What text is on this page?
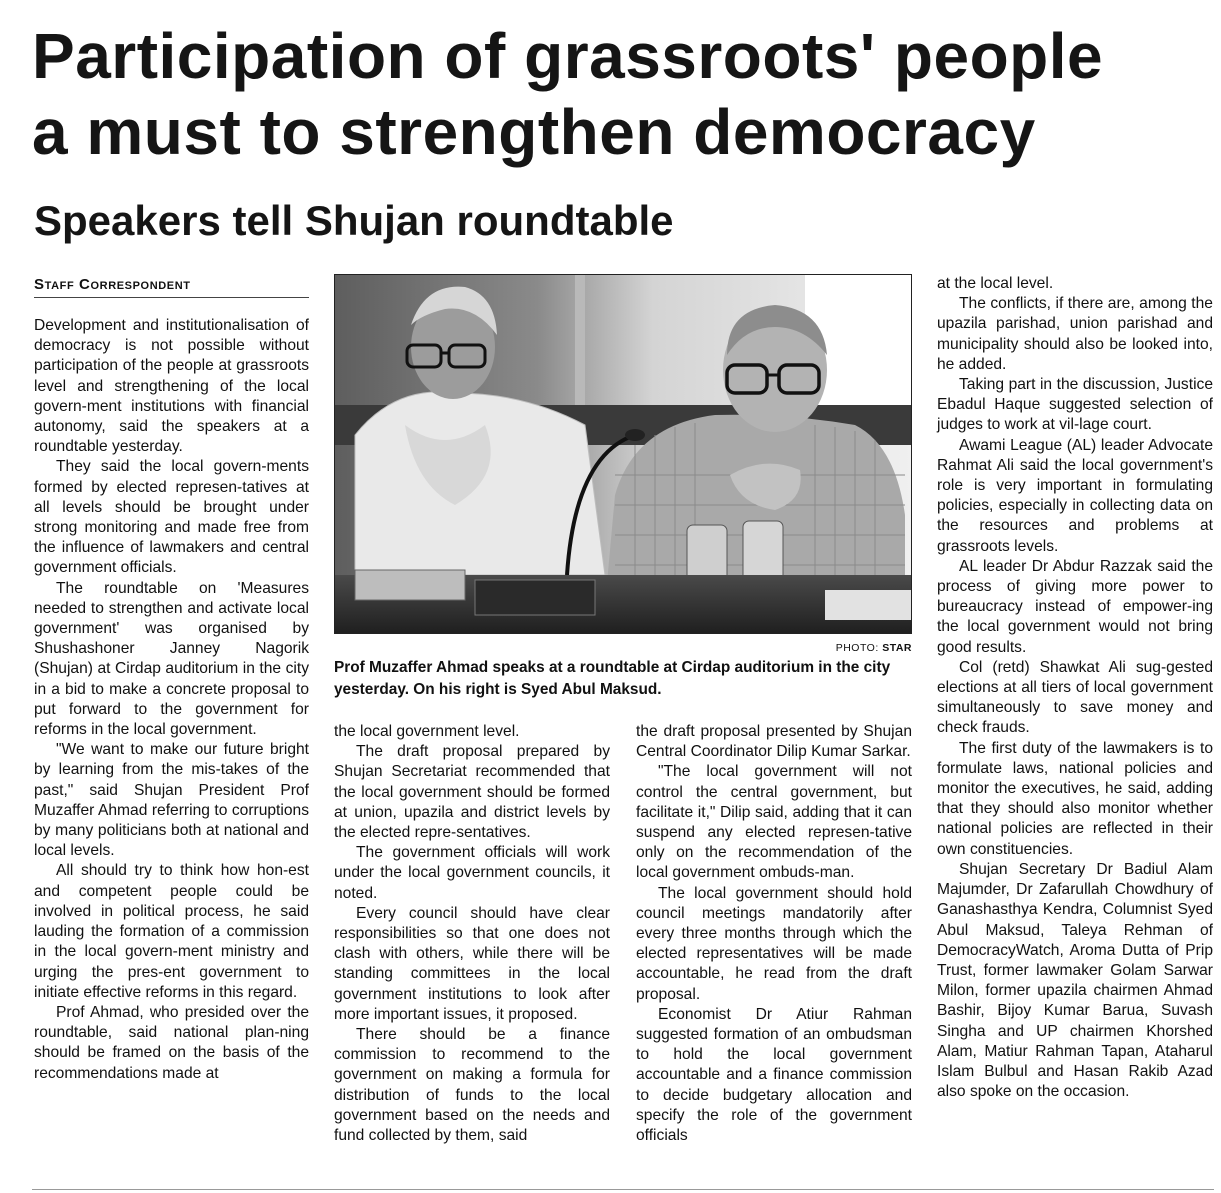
Participation of grassroots' people
a must to strengthen democracy
Speakers tell Shujan roundtable
Staff Correspondent

Development and institutionalisation of democracy is not possible without participation of the people at grassroots level and strengthening of the local govern-ment institutions with financial autonomy, said the speakers at a roundtable yesterday.

They said the local govern-ments formed by elected represen-tatives at all levels should be brought under strong monitoring and made free from the influence of lawmakers and central government officials.

The roundtable on 'Measures needed to strengthen and activate local government' was organised by Shushashoner Janney Nagorik (Shujan) at Cirdap auditorium in the city in a bid to make a concrete proposal to put forward to the government for reforms in the local government.

"We want to make our future bright by learning from the mis-takes of the past," said Shujan President Prof Muzaffer Ahmad referring to corruptions by many politicians both at national and local levels.

All should try to think how hon-est and competent people could be involved in political process, he said lauding the formation of a commission in the local govern-ment ministry and urging the pres-ent government to initiate effective reforms in this regard.

Prof Ahmad, who presided over the roundtable, said national plan-ning should be framed on the basis of the recommendations made at

PHOTO: STAR
Prof Muzaffer Ahmad speaks at a roundtable at Cirdap auditorium in the city yesterday. On his right is Syed Abul Maksud.

the local government level.

The draft proposal prepared by Shujan Secretariat recommended that the local government should be formed at union, upazila and district levels by the elected repre-sentatives.

The government officials will work under the local government councils, it noted.

Every council should have clear responsibilities so that one does not clash with others, while there will be standing committees in the local government institutions to look after more important issues, it proposed.

There should be a finance commission to recommend to the government on making a formula for distribution of funds to the local government based on the needs and fund collected by them, said

the draft proposal presented by Shujan Central Coordinator Dilip Kumar Sarkar.

"The local government will not control the central government, but facilitate it," Dilip said, adding that it can suspend any elected represen-tative only on the recommendation of the local government ombuds-man.

The local government should hold council meetings mandatorily after every three months through which the elected representatives will be made accountable, he read from the draft proposal.

Economist Dr Atiur Rahman suggested formation of an ombudsman to hold the local government accountable and a finance commission to decide budgetary allocation and specify the role of the government officials

at the local level.

The conflicts, if there are, among the upazila parishad, union parishad and municipality should also be looked into, he added.

Taking part in the discussion, Justice Ebadul Haque suggested selection of judges to work at vil-lage court.

Awami League (AL) leader Advocate Rahmat Ali said the local government's role is very important in formulating policies, especially in collecting data on the resources and problems at grassroots levels.

AL leader Dr Abdur Razzak said the process of giving more power to bureaucracy instead of empower-ing the local government would not bring good results.

Col (retd) Shawkat Ali sug-gested elections at all tiers of local government simultaneously to save money and check frauds.

The first duty of the lawmakers is to formulate laws, national policies and monitor the executives, he said, adding that they should also monitor whether national policies are reflected in their own constituencies.

Shujan Secretary Dr Badiul Alam Majumder, Dr Zafarullah Chowdhury of Ganashasthya Kendra, Columnist Syed Abul Maksud, Taleya Rehman of DemocracyWatch, Aroma Dutta of Prip Trust, former lawmaker Golam Sarwar Milon, former upazila chairmen Ahmad Bashir, Bijoy Kumar Barua, Suvash Singha and UP chairmen Khorshed Alam, Matiur Rahman Tapan, Ataharul Islam Bulbul and Hasan Rakib Azad also spoke on the occasion.
